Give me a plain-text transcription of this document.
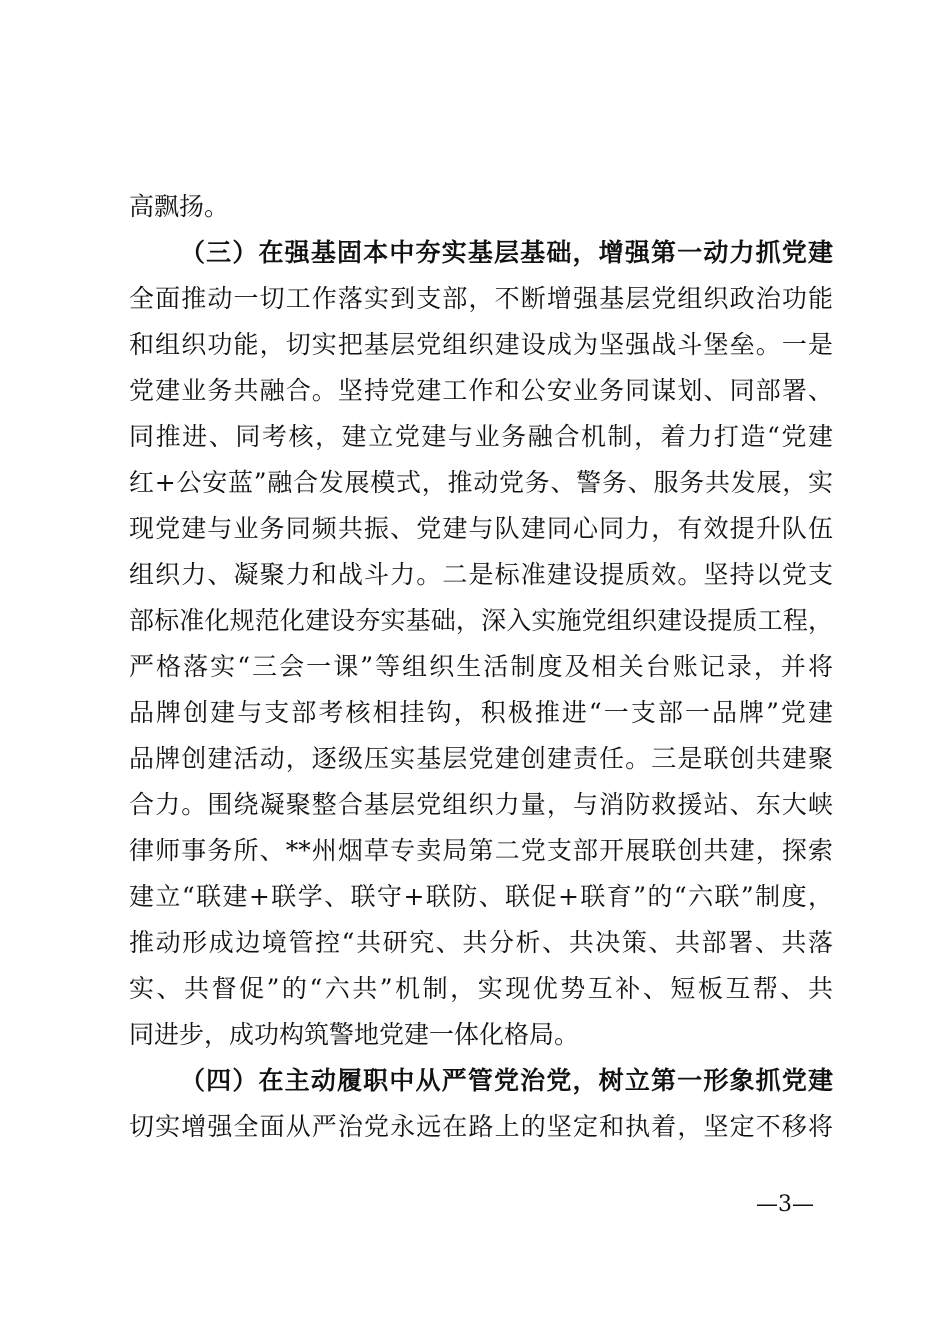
高飘扬。
（三）在强基固本中夯实基层基础，增强第一动力抓党建
全面推动一切工作落实到支部，不断增强基层党组织政治功能
和组织功能，切实把基层党组织建设成为坚强战斗堡垒。一是
党建业务共融合。坚持党建工作和公安业务同谋划、同部署、
同推进、同考核，建立党建与业务融合机制，着力打造“党建
红+公安蓝”融合发展模式，推动党务、警务、服务共发展，实
现党建与业务同频共振、党建与队建同心同力，有效提升队伍
组织力、凝聚力和战斗力。二是标准建设提质效。坚持以党支
部标准化规范化建设夯实基础，深入实施党组织建设提质工程，
严格落实“三会一课”等组织生活制度及相关台账记录，并将
品牌创建与支部考核相挂钩，积极推进“一支部一品牌”党建
品牌创建活动，逐级压实基层党建创建责任。三是联创共建聚
合力。围绕凝聚整合基层党组织力量，与消防救援站、东大峡
律师事务所、**州烟草专卖局第二党支部开展联创共建，探索
建立“联建+联学、联守+联防、联促+联育”的“六联”制度，
推动形成边境管控“共研究、共分析、共决策、共部署、共落
实、共督促”的“六共”机制，实现优势互补、短板互帮、共
同进步，成功构筑警地党建一体化格局。
（四）在主动履职中从严管党治党，树立第一形象抓党建
切实增强全面从严治党永远在路上的坚定和执着，坚定不移将
—3—
